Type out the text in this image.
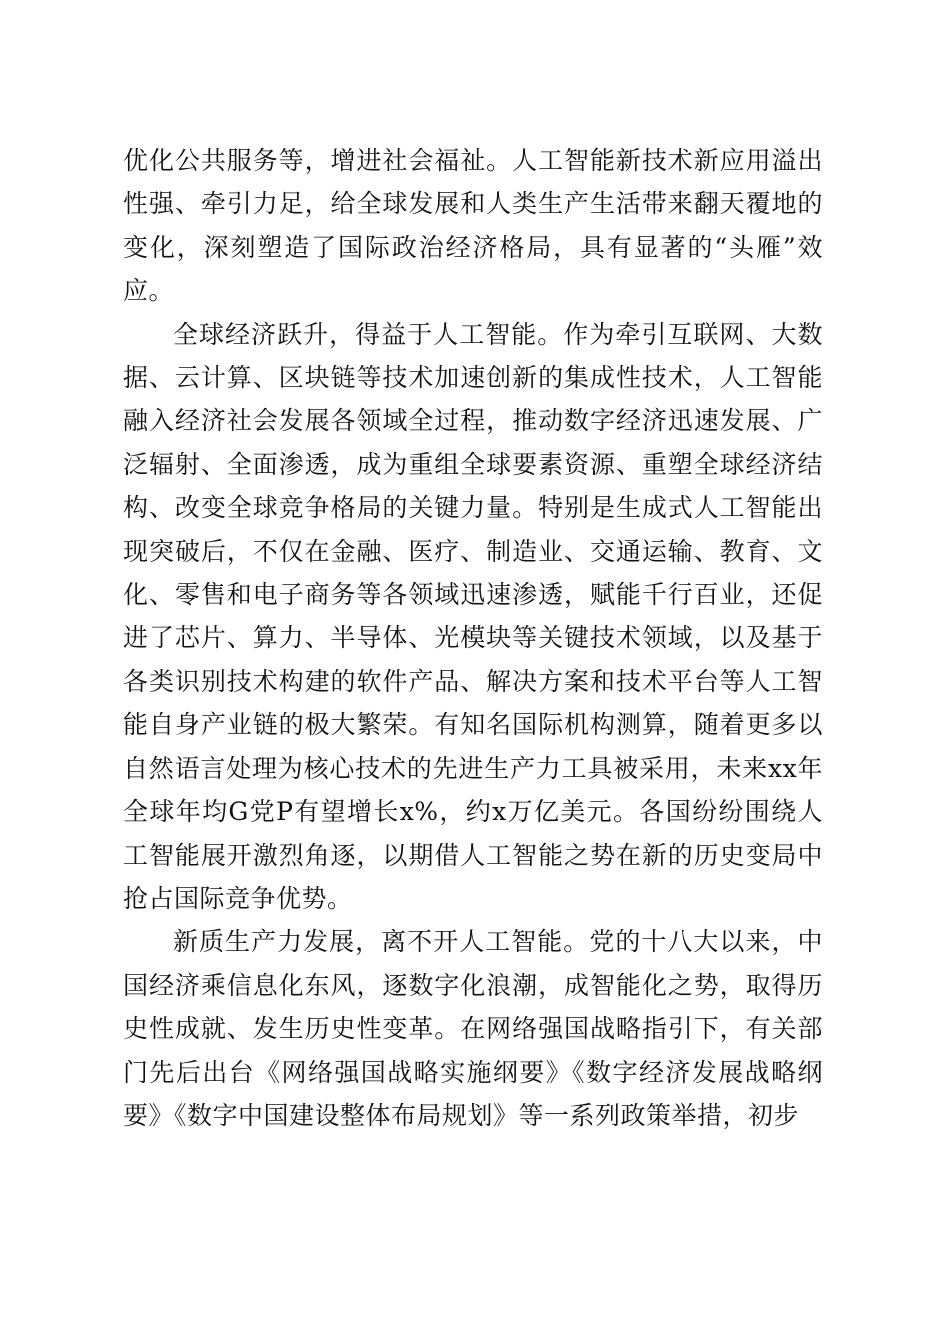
优化公共服务等，增进社会福祉。人工智能新技术新应用溢出性强、牵引力足，给全球发展和人类生产生活带来翻天覆地的变化，深刻塑造了国际政治经济格局，具有显著的“头雁”效应。

全球经济跃升，得益于人工智能。作为牵引互联网、大数据、云计算、区块链等技术加速创新的集成性技术，人工智能融入经济社会发展各领域全过程，推动数字经济迅速发展、广泛辐射、全面渗透，成为重组全球要素资源、重塑全球经济结构、改变全球竞争格局的关键力量。特别是生成式人工智能出现突破后，不仅在金融、医疗、制造业、交通运输、教育、文化、零售和电子商务等各领域迅速渗透，赋能千行百业，还促进了芯片、算力、半导体、光模块等关键技术领域，以及基于各类识别技术构建的软件产品、解决方案和技术平台等人工智能自身产业链的极大繁荣。有知名国际机构测算，随着更多以自然语言处理为核心技术的先进生产力工具被采用，未来xx年全球年均G党P有望增长x%，约x万亿美元。各国纷纷围绕人工智能展开激烈角逐，以期借人工智能之势在新的历史变局中抢占国际竞争优势。

新质生产力发展，离不开人工智能。党的十八大以来，中国经济乘信息化东风，逐数字化浪潮，成智能化之势，取得历史性成就、发生历史性变革。在网络强国战略指引下，有关部门先后出台《网络强国战略实施纲要》《数字经济发展战略纲要》《数字中国建设整体布局规划》等一系列政策举措，初步
